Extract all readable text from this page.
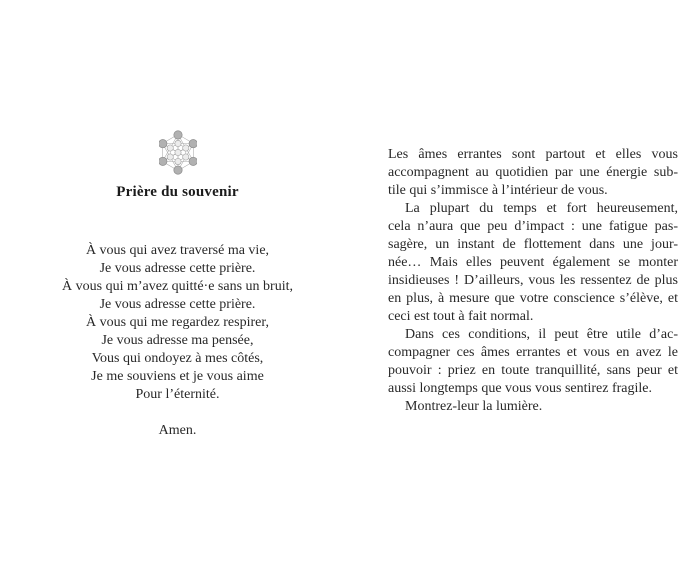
Prière du souvenir
À vous qui avez traversé ma vie,
Je vous adresse cette prière.
À vous qui m’avez quitté·e sans un bruit,
Je vous adresse cette prière.
À vous qui me regardez respirer,
Je vous adresse ma pensée,
Vous qui ondoyez à mes côtés,
Je me souviens et je vous aime
Pour l’éternité.
Amen.
Les âmes errantes sont partout et elles vous
accompagnent au quotidien par une énergie sub-
tile qui s’immisce à l’intérieur de vous.
La plupart du temps et fort heureusement,
cela n’aura que peu d’impact : une fatigue pas-
sagère, un instant de flottement dans une jour-
née… Mais elles peuvent également se monter
insidieuses ! D’ailleurs, vous les ressentez de plus
en plus, à mesure que votre conscience s’élève, et
ceci est tout à fait normal.
Dans ces conditions, il peut être utile d’ac-
compagner ces âmes errantes et vous en avez le
pouvoir : priez en toute tranquillité, sans peur et
aussi longtemps que vous vous sentirez fragile.
Montrez-leur la lumière.
